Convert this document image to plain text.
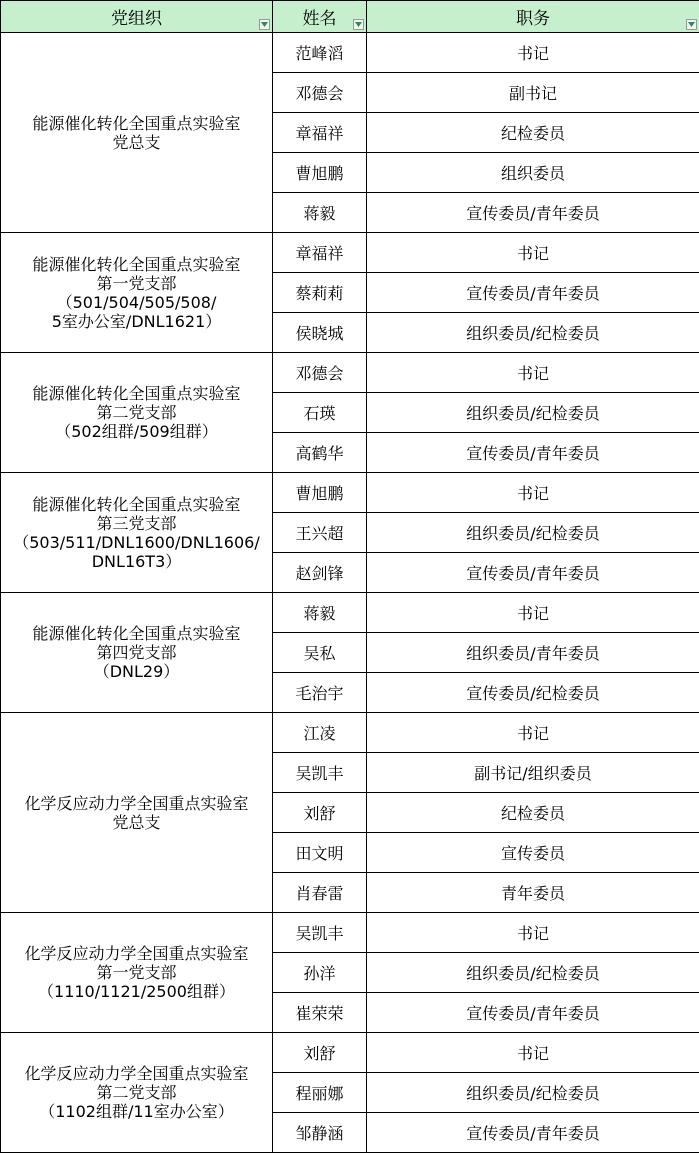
党组织	姓名	职务

能源催化转化全国重点实验室
党总支	范峰滔	书记
	邓德会	副书记
	章福祥	纪检委员
	曹旭鹏	组织委员
	蒋毅	宣传委员/青年委员
能源催化转化全国重点实验室
第一党支部
（501/504/505/508/
5室办公室/DNL1621）	章福祥	书记
	蔡莉莉	宣传委员/青年委员
	侯晓城	组织委员/纪检委员
能源催化转化全国重点实验室
第二党支部
（502组群/509组群）	邓德会	书记
	石瑛	组织委员/纪检委员
	高鹤华	宣传委员/青年委员
能源催化转化全国重点实验室
第三党支部
（503/511/DNL1600/DNL1606/
DNL16T3）	曹旭鹏	书记
	王兴超	组织委员/纪检委员
	赵剑锋	宣传委员/青年委员
能源催化转化全国重点实验室
第四党支部
（DNL29）	蒋毅	书记
	吴私	组织委员/青年委员
	毛治宇	宣传委员/纪检委员
化学反应动力学全国重点实验室
党总支	江凌	书记
	吴凯丰	副书记/组织委员
	刘舒	纪检委员
	田文明	宣传委员
	肖春雷	青年委员
化学反应动力学全国重点实验室
第一党支部
（1110/1121/2500组群）	吴凯丰	书记
	孙洋	组织委员/纪检委员
	崔荣荣	宣传委员/青年委员
化学反应动力学全国重点实验室
第二党支部
（1102组群/11室办公室）	刘舒	书记
	程丽娜	组织委员/纪检委员
	邹静涵	宣传委员/青年委员
